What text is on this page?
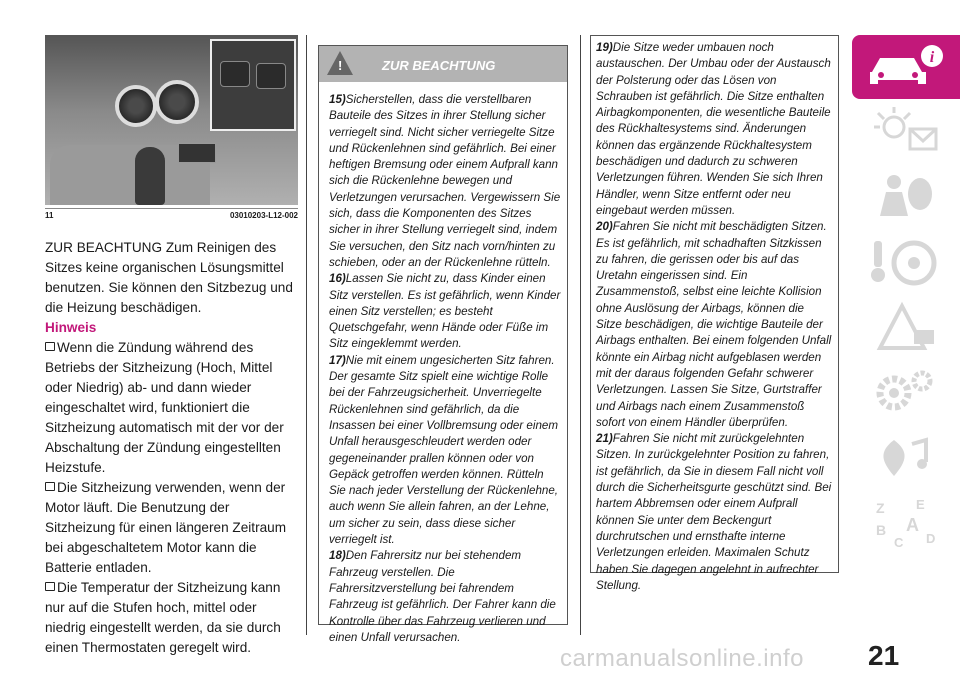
11	03010203-L12-002

ZUR BEACHTUNG Zum Reinigen des Sitzes keine organischen Lösungsmittel benutzen. Sie können den Sitzbezug und die Heizung beschädigen.

Hinweis

Wenn die Zündung während des Betriebs der Sitzheizung (Hoch, Mittel oder Niedrig) ab- und dann wieder eingeschaltet wird, funktioniert die Sitzheizung automatisch mit der vor der Abschaltung der Zündung eingestellten Heizstufe.

Die Sitzheizung verwenden, wenn der Motor läuft. Die Benutzung der Sitzheizung für einen längeren Zeitraum bei abgeschaltetem Motor kann die Batterie entladen.

Die Temperatur der Sitzheizung kann nur auf die Stufen hoch, mittel oder niedrig eingestellt werden, da sie durch einen Thermostaten geregelt wird.

!	ZUR BEACHTUNG

15)Sicherstellen, dass die verstellbaren Bauteile des Sitzes in ihrer Stellung sicher verriegelt sind. Nicht sicher verriegelte Sitze und Rückenlehnen sind gefährlich. Bei einer heftigen Bremsung oder einem Aufprall kann sich die Rückenlehne bewegen und Verletzungen verursachen. Vergewissern Sie sich, dass die Komponenten des Sitzes sicher in ihrer Stellung verriegelt sind, indem Sie versuchen, den Sitz nach vorn/hinten zu schieben, oder an der Rückenlehne rütteln.

16)Lassen Sie nicht zu, dass Kinder einen Sitz verstellen. Es ist gefährlich, wenn Kinder einen Sitz verstellen; es besteht Quetschgefahr, wenn Hände oder Füße im Sitz eingeklemmt werden.

17)Nie mit einem ungesicherten Sitz fahren. Der gesamte Sitz spielt eine wichtige Rolle bei der Fahrzeugsicherheit. Unverriegelte Rückenlehnen sind gefährlich, da die Insassen bei einer Vollbremsung oder einem Unfall herausgeschleudert werden oder gegeneinander prallen können oder von Gepäck getroffen werden können. Rütteln Sie nach jeder Verstellung der Rückenlehne, auch wenn Sie allein fahren, an der Lehne, um sicher zu sein, dass diese sicher verriegelt ist.

18)Den Fahrersitz nur bei stehendem Fahrzeug verstellen. Die Fahrersitzverstellung bei fahrendem Fahrzeug ist gefährlich. Der Fahrer kann die Kontrolle über das Fahrzeug verlieren und einen Unfall verursachen.

19)Die Sitze weder umbauen noch austauschen. Der Umbau oder der Austausch der Polsterung oder das Lösen von Schrauben ist gefährlich. Die Sitze enthalten Airbagkomponenten, die wesentliche Bauteile des Rückhaltesystems sind. Änderungen können das ergänzende Rückhaltesystem beschädigen und dadurch zu schweren Verletzungen führen. Wenden Sie sich Ihren Händler, wenn Sitze entfernt oder neu eingebaut werden müssen.

20)Fahren Sie nicht mit beschädigten Sitzen. Es ist gefährlich, mit schadhaften Sitzkissen zu fahren, die gerissen oder bis auf das Uretahn eingerissen sind. Ein Zusammenstoß, selbst eine leichte Kollision ohne Auslösung der Airbags, können die Sitze beschädigen, die wichtige Bauteile der Airbags enthalten. Bei einem folgenden Unfall könnte ein Airbag nicht aufgeblasen werden mit der daraus folgenden Gefahr schwerer Verletzungen. Lassen Sie Sitze, Gurtstraffer und Airbags nach einem Zusammenstoß sofort von einem Händler überprüfen.

21)Fahren Sie nicht mit zurückgelehnten Sitzen. In zurückgelehnter Position zu fahren, ist gefährlich, da Sie in diesem Fall nicht voll durch die Sicherheitsgurte geschützt sind. Bei hartem Abbremsen oder einem Aufprall können Sie unter dem Beckengurt durchrutschen und ernsthafte interne Verletzungen erleiden. Maximalen Schutz haben Sie dagegen angelehnt in aufrechter Stellung.

i
Z E
B A
C D
carmanualsonline.info 21
